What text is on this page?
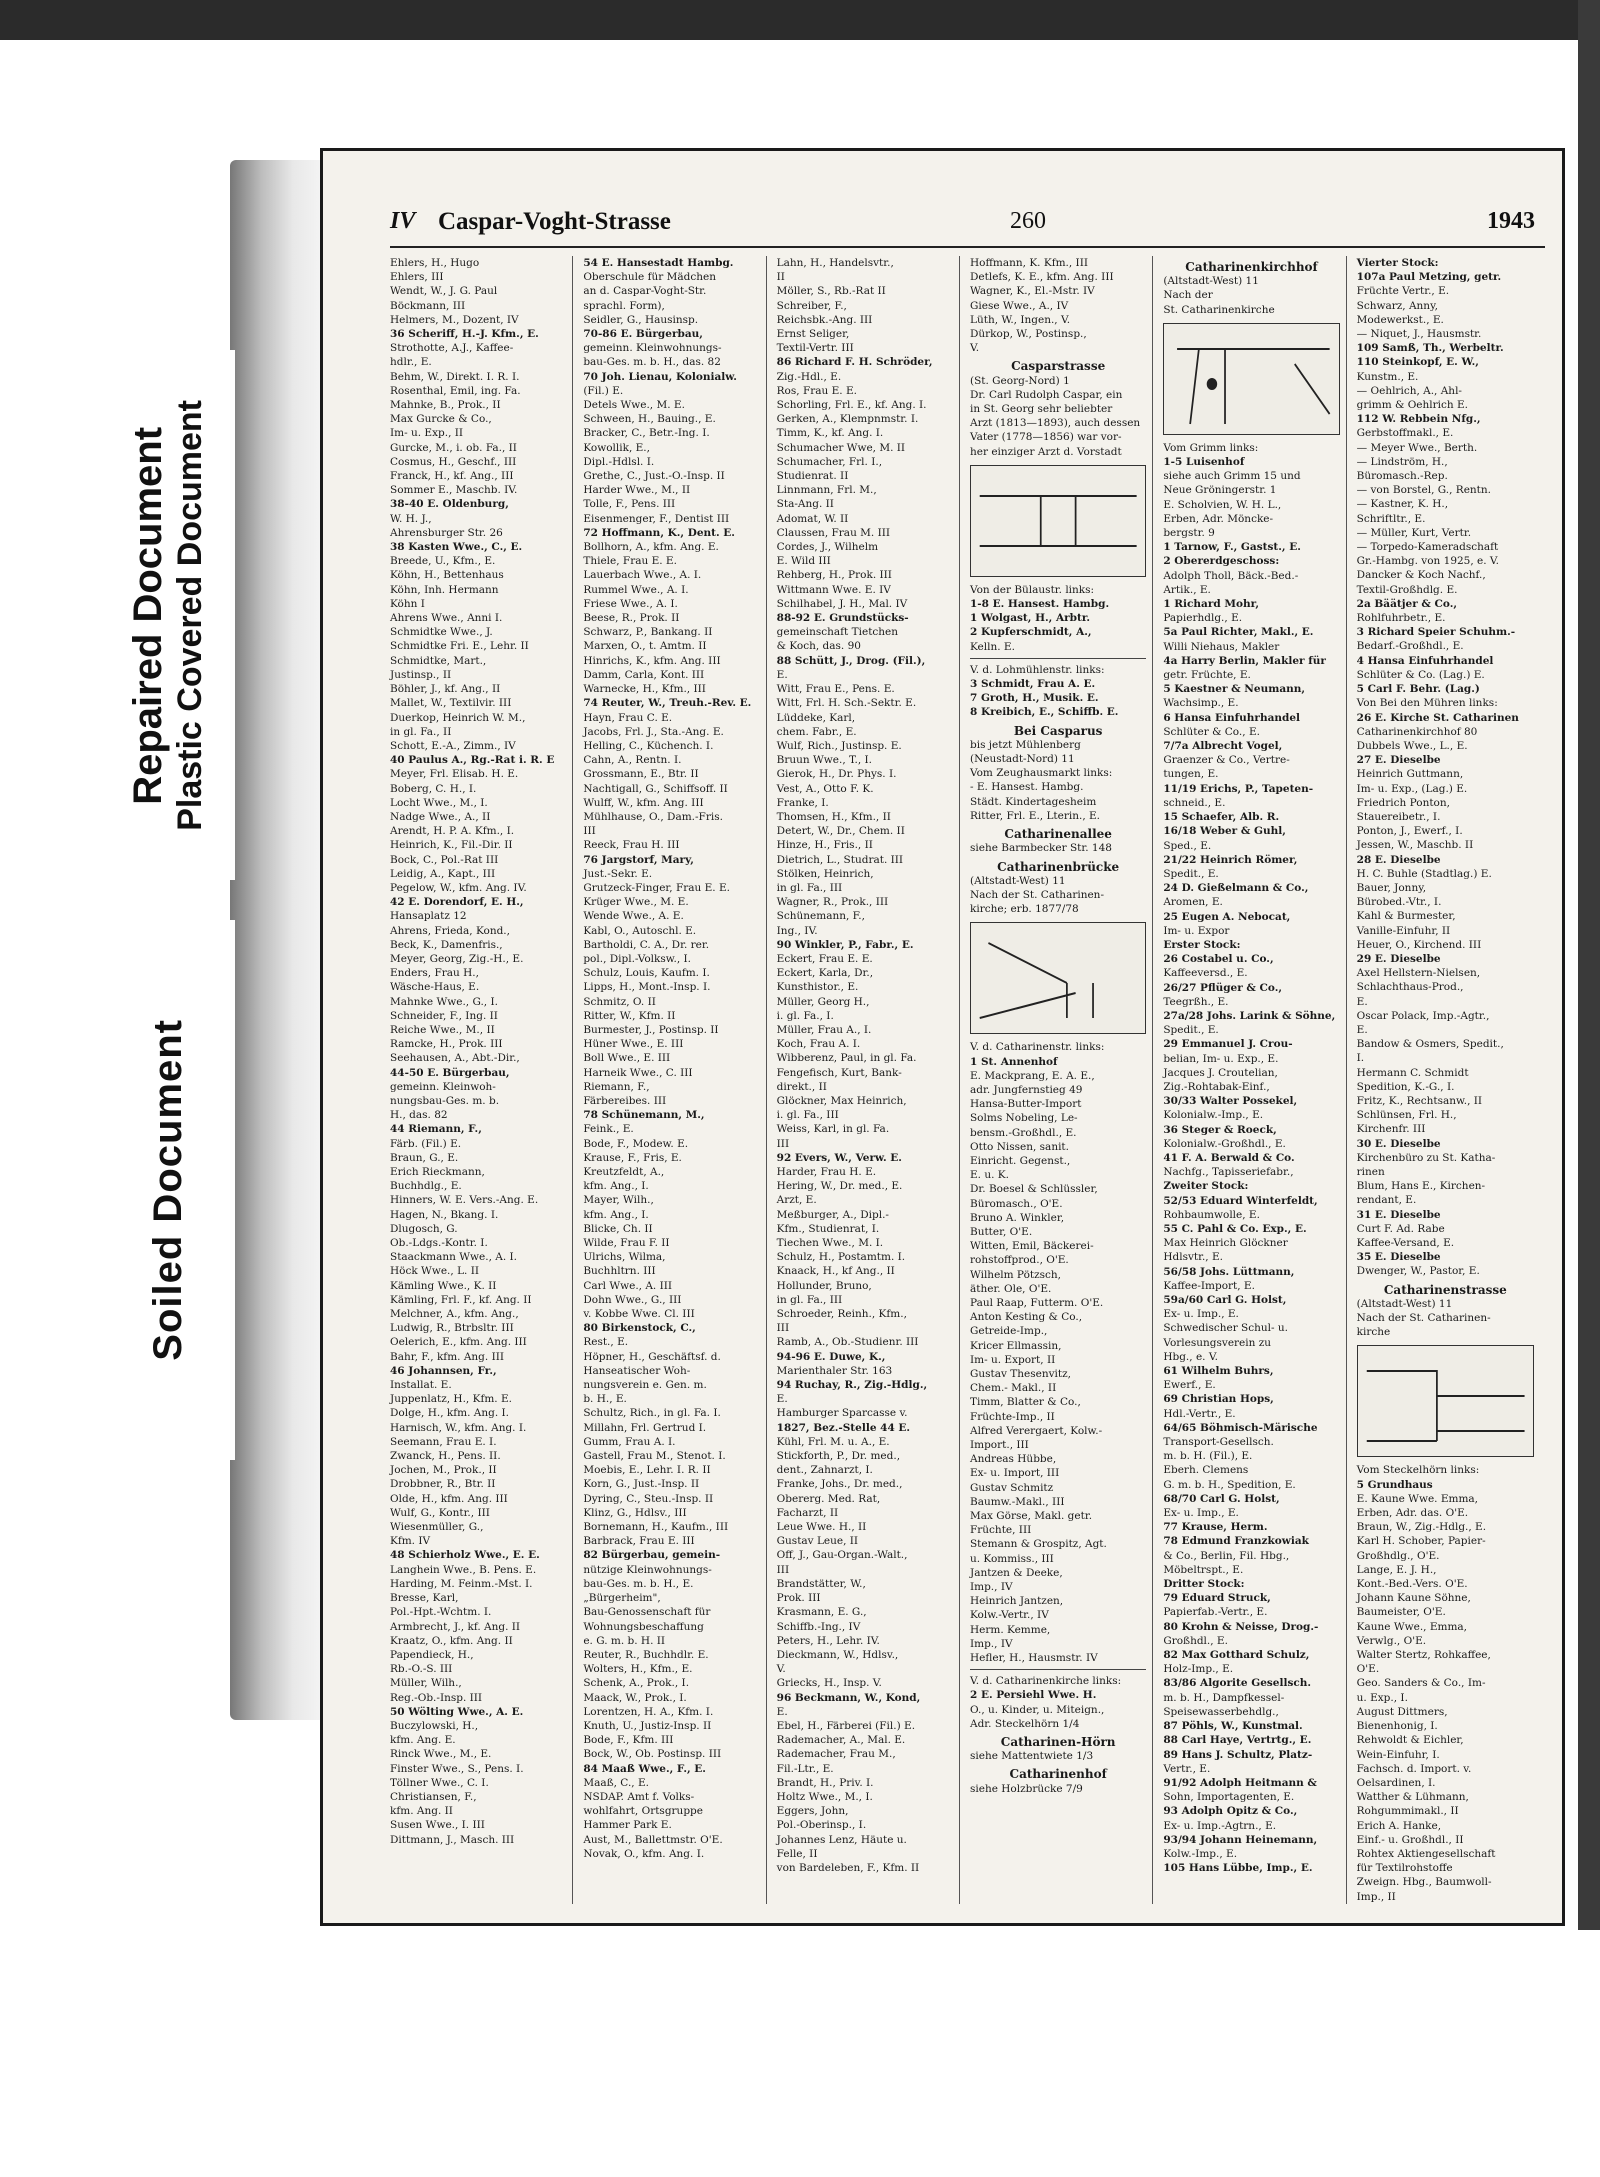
Repaired Document Plastic Covered Document
Soiled Document
IV Caspar-Voght-Strasse	260	1943
Ehlers, H., Hugo
Ehlers, III
Wendt, W., J. G. Paul
Böckmann, III
Helmers, M., Dozent, IV
36 Scheriff, H.-J. Kfm., E.
Strothotte, A.J., Kaffee-
hdlr., E.
Behm, W., Direkt. I. R. I.
Rosenthal, Emil, ing. Fa.
Mahnke, B., Prok., II
Max Gurcke & Co.,
Im- u. Exp., II
Gurcke, M., i. ob. Fa., II
Cosmus, H., Geschf., III
Franck, H., kf. Ang., III
Sommer E., Maschb. IV.
38-40 E. Oldenburg,
W. H. J.,
Ahrensburger Str. 26
38 Kasten Wwe., C., E.
Breede, U., Kfm., E.
Köhn, H., Bettenhaus
Köhn, Inh. Hermann
Köhn I
Ahrens Wwe., Anni I.
Schmidtke Wwe., J.
Schmidtke Fri. E., Lehr. II
Schmidtke, Mart.,
Justinsp., II
Böhler, J., kf. Ang., II
Mallet, W., Textilvir. III
Duerkop, Heinrich W. M.,
in gl. Fa., II
Schott, E.-A., Zimm., IV
40 Paulus A., Rg.-Rat i. R. E
Meyer, Frl. Elisab. H. E.
Boberg, C. H., I.
Locht Wwe., M., I.
Nadge Wwe., A., II
Arendt, H. P. A. Kfm., I.
Heinrich, K., Fil.-Dir. II
Bock, C., Pol.-Rat III
Leidig, A., Kapt., III
Pegelow, W., kfm. Ang. IV.
42 E. Dorendorf, E. H.,
Hansaplatz 12
Ahrens, Frieda, Kond.,
Beck, K., Damenfris.,
Meyer, Georg, Zig.-H., E.
Enders, Frau H.,
Wäsche-Haus, E.
Mahnke Wwe., G., I.
Schneider, F., Ing. II
Reiche Wwe., M., II
Ramcke, H., Prok. III
Seehausen, A., Abt.-Dir.,
44-50 E. Bürgerbau,
gemeinn. Kleinwoh-
nungsbau-Ges. m. b.
H., das. 82
44 Riemann, F.,
Färb. (Fil.) E.
Braun, G., E.
Erich Rieckmann,
Buchhdlg., E.
Hinners, W. E. Vers.-Ang. E.
Hagen, N., Bkang. I.
Dlugosch, G.
Ob.-Ldgs.-Kontr. I.
Staackmann Wwe., A. I.
Höck Wwe., L. II
Kämling Wwe., K. II
Kämling, Frl. F., kf. Ang. II
Melchner, A., kfm. Ang.,
Ludwig, R., Btrbsltr. III
Oelerich, E., kfm. Ang. III
Bahr, F., kfm. Ang. III
46 Johannsen, Fr.,
Installat. E.
Juppenlatz, H., Kfm. E.
Dolge, H., kfm. Ang. I.
Harnisch, W., kfm. Ang. I.
Seemann, Frau E. I.
Zwanck, H., Pens. II.
Jochen, M., Prok., II
Drobbner, R., Btr. II
Olde, H., kfm. Ang. III
Wulf, G., Kontr., III
Wiesenmüller, G.,
Kfm. IV
48 Schierholz Wwe., E. E.
Langhein Wwe., B. Pens. E.
Harding, M. Feinm.-Mst. I.
Bresse, Karl,
Pol.-Hpt.-Wchtm. I.
Armbrecht, J., kf. Ang. II
Kraatz, O., kfm. Ang. II
Papendieck, H.,
Rb.-O.-S. III
Müller, Wilh.,
Reg.-Ob.-Insp. III
50 Wölting Wwe., A. E.
Buczylowski, H.,
kfm. Ang. E.
Rinck Wwe., M., E.
Finster Wwe., S., Pens. I.
Töllner Wwe., C. I.
Christiansen, F.,
kfm. Ang. II
Susen Wwe., I. III
Dittmann, J., Masch. III
54 E. Hansestadt Hambg.
Oberschule für Mädchen
an d. Caspar-Voght-Str.
sprachl. Form),
Seidler, G., Hausinsp.
70-86 E. Bürgerbau,
gemeinn. Kleinwohnungs-
bau-Ges. m. b. H., das. 82
70 Joh. Lienau, Kolonialw.
(Fil.) E.
Detels Wwe., M. E.
Schween, H., Bauing., E.
Bracker, C., Betr.-Ing. I.
Kowollik, E.,
Dipl.-Hdlsl. I.
Grethe, C., Just.-O.-Insp. II
Harder Wwe., M., II
Tolle, F., Pens. III
Eisenmenger, F., Dentist III
72 Hoffmann, K., Dent. E.
Bollhorn, A., kfm. Ang. E.
Thiele, Frau E. E.
Lauerbach Wwe., A. I.
Rummel Wwe., A. I.
Friese Wwe., A. I.
Beese, R., Prok. II
Schwarz, P., Bankang. II
Marxen, O., t. Amtm. II
Hinrichs, K., kfm. Ang. III
Damm, Carla, Kont. III
Warnecke, H., Kfm., III
74 Reuter, W., Treuh.-Rev. E.
Hayn, Frau C. E.
Jacobs, Frl. J., Sta.-Ang. E.
Helling, C., Küchench. I.
Cahn, A., Rentn. I.
Grossmann, E., Btr. II
Nachtigall, G., Schiffsoff. II
Wulff, W., kfm. Ang. III
Mühlhause, O., Dam.-Fris.
III
Reeck, Frau H. III
76 Jargstorf, Mary,
Just.-Sekr. E.
Grutzeck-Finger, Frau E. E.
Krüger Wwe., M. E.
Wende Wwe., A. E.
Kabl, O., Autoschl. E.
Bartholdi, C. A., Dr. rer.
pol., Dipl.-Volksw., I.
Schulz, Louis, Kaufm. I.
Lipps, H., Mont.-Insp. I.
Schmitz, O. II
Ritter, W., Kfm. II
Burmester, J., Postinsp. II
Hüner Wwe., E. III
Boll Wwe., E. III
Harneik Wwe., C. III
Riemann, F.,
Färbereibes. III
78 Schünemann, M.,
Feink., E.
Bode, F., Modew. E.
Krause, F., Fris, E.
Kreutzfeldt, A.,
kfm. Ang., I.
Mayer, Wilh.,
kfm. Ang., I.
Blicke, Ch. II
Wilde, Frau F. II
Ulrichs, Wilma,
Buchhltrn. III
Carl Wwe., A. III
Dohn Wwe., G., III
v. Kobbe Wwe. Cl. III
80 Birkenstock, C.,
Rest., E.
Höpner, H., Geschäftsf. d.
Hanseatischer Woh-
nungsverein e. Gen. m.
b. H., E.
Schultz, Rich., in gl. Fa. I.
Millahn, Frl. Gertrud I.
Gumm, Frau A. I.
Gastell, Frau M., Stenot. I.
Moebis, E., Lehr. I. R. II
Korn, G., Just.-Insp. II
Dyring, C., Steu.-Insp. II
Klinz, G., Hdlsv., III
Bornemann, H., Kaufm., III
Barbrack, Frau E. III
82 Bürgerbau, gemein-
nützige Kleinwohnungs-
bau-Ges. m. b. H., E.
„Bürgerheim",
Bau-Genossenschaft für
Wohnungsbeschaffung
e. G. m. b. H. II
Reuter, R., Buchhdlr. E.
Wolters, H., Kfm., E.
Schenk, A., Prok., I.
Maack, W., Prok., I.
Lorentzen, H. A., Kfm. I.
Knuth, U., Justiz-Insp. II
Bode, F., Kfm. III
Bock, W., Ob. Postinsp. III
84 Maaß Wwe., F., E.
Maaß, C., E.
NSDAP. Amt f. Volks-
wohlfahrt, Ortsgruppe
Hammer Park E.
Aust, M., Ballettmstr. O'E.
Novak, O., kfm. Ang. I.
Lahn, H., Handelsvtr.,
II
Möller, S., Rb.-Rat II
Schreiber, F.,
Reichsbk.-Ang. III
Ernst Seliger,
Textil-Vertr. III
86 Richard F. H. Schröder,
Zig.-Hdl., E.
Ros, Frau E. E.
Schorling, Frl. E., kf. Ang. I.
Gerken, A., Klempnmstr. I.
Timm, K., kf. Ang. I.
Schumacher Wwe, M. II
Schumacher, Frl. I.,
Studienrat. II
Linnmann, Frl. M.,
Sta-Ang. II
Adomat, W. II
Claussen, Frau M. III
Cordes, J., Wilhelm
E. Wild III
Rehberg, H., Prok. III
Wittmann Wwe. E. IV
Schilhabel, J. H., Mal. IV
88-92 E. Grundstücks-
gemeinschaft Tietchen
& Koch, das. 90
88 Schütt, J., Drog. (Fil.),
E.
Witt, Frau E., Pens. E.
Witt, Frl. H. Sch.-Sektr. E.
Lüddeke, Karl,
chem. Fabr., E.
Wulf, Rich., Justinsp. E.
Bruun Wwe., T., I.
Gierok, H., Dr. Phys. I.
Vest, A., Otto F. K.
Franke, I.
Thomsen, H., Kfm., II
Detert, W., Dr., Chem. II
Hinze, H., Fris., II
Dietrich, L., Studrat. III
Stölken, Heinrich,
in gl. Fa., III
Wagner, R., Prok., III
Schünemann, F.,
Ing., IV.
90 Winkler, P., Fabr., E.
Eckert, Frau E. E.
Eckert, Karla, Dr.,
Kunsthistor., E.
Müller, Georg H.,
i. gl. Fa., I.
Müller, Frau A., I.
Koch, Frau A. I.
Wibberenz, Paul, in gl. Fa.
Fengefisch, Kurt, Bank-
direkt., II
Glöckner, Max Heinrich,
i. gl. Fa., III
Weiss, Karl, in gl. Fa.
III
92 Evers, W., Verw. E.
Harder, Frau H. E.
Hering, W., Dr. med., E.
Arzt, E.
Meßburger, A., Dipl.-
Kfm., Studienrat, I.
Tiechen Wwe., M. I.
Schulz, H., Postamtm. I.
Knaack, H., kf Ang., II
Hollunder, Bruno,
in gl. Fa., III
Schroeder, Reinh., Kfm.,
III
Ramb, A., Ob.-Studienr. III
94-96 E. Duwe, K.,
Marienthaler Str. 163
94 Ruchay, R., Zig.-Hdlg.,
E.
Hamburger Sparcasse v.
1827, Bez.-Stelle 44 E.
Kühl, Frl. M. u. A., E.
Stickforth, P., Dr. med.,
dent., Zahnarzt, I.
Franke, Johs., Dr. med.,
Obererg. Med. Rat,
Facharzt, II
Leue Wwe. H., II
Gustav Leue, II
Off, J., Gau-Organ.-Walt.,
III
Brandstätter, W.,
Prok. III
Krasmann, E. G.,
Schiffb.-Ing., IV
Peters, H., Lehr. IV.
Dieckmann, W., Hdlsv.,
V.
Griecks, H., Insp. V.
96 Beckmann, W., Kond,
E.
Ebel, H., Färberei (Fil.) E.
Rademacher, A., Mal. E.
Rademacher, Frau M.,
Fil.-Ltr., E.
Brandt, H., Priv. I.
Holtz Wwe., M., I.
Eggers, John,
Pol.-Oberinsp., I.
Johannes Lenz, Häute u.
Felle, II
von Bardeleben, F., Kfm. II
Hoffmann, K. Kfm., III
Detlefs, K. E., kfm. Ang. III
Wagner, K., El.-Mstr. IV
Giese Wwe., A., IV
Lüth, W., Ingen., V.
Dürkop, W., Postinsp.,
V.
Casparstrasse
(St. Georg-Nord) 1
Dr. Carl Rudolph Caspar, ein
in St. Georg sehr beliebter
Arzt (1813—1893), auch dessen
Vater (1778—1856) war vor-
her einziger Arzt d. Vorstadt
Von der Bülaustr. links:
1-8 E. Hansest. Hambg.
1 Wolgast, H., Arbtr.
2 Kupferschmidt, A.,
Kelln. E.
V. d. Lohmühlenstr. links:
3 Schmidt, Frau A. E.
7 Groth, H., Musik. E.
8 Kreibich, E., Schiffb. E.
Bei Casparus
bis jetzt Mühlenberg
(Neustadt-Nord) 11
Vom Zeughausmarkt links:
- E. Hansest. Hambg.
Städt. Kindertagesheim
Ritter, Frl. E., Lterin., E.
Catharinenallee
siehe Barmbecker Str. 148
Catharinenbrücke
(Altstadt-West) 11
Nach der St. Catharinen-
kirche; erb. 1877/78
V. d. Catharinenstr. links:
1 St. Annenhof
E. Mackprang, E. A. E.,
adr. Jungfernstieg 49
Hansa-Butter-Import
Solms Nobeling, Le-
bensm.-Großhdl., E.
Otto Nissen, sanit.
Einricht. Gegenst.,
E. u. K.
Dr. Boesel & Schlüssler,
Büromasch., O'E.
Bruno A. Winkler,
Butter, O'E.
Witten, Emil, Bäckerei-
rohstoffprod., O'E.
Wilhelm Pötzsch,
äther. Ole, O'E.
Paul Raap, Futterm. O'E.
Anton Kesting & Co.,
Getreide-Imp.,
Kricer Ellmassin,
Im- u. Export, II
Gustav Thesenvitz,
Chem.- Makl., II
Timm, Blatter & Co.,
Früchte-Imp., II
Alfred Verergaert, Kolw.-
Import., III
Andreas Hübbe,
Ex- u. Import, III
Gustav Schmitz
Baumw.-Makl., III
Max Görse, Makl. getr.
Früchte, III
Stemann & Grospitz, Agt.
u. Kommiss., III
Jantzen & Deeke,
Imp., IV
Heinrich Jantzen,
Kolw.-Vertr., IV
Herm. Kemme,
Imp., IV
Hefler, H., Hausmstr. IV
V. d. Catharinenkirche links:
2 E. Persiehl Wwe. H.
O., u. Kinder, u. Miteign.,
Adr. Steckelhörn 1/4
Catharinen-Hörn
siehe Mattentwiete 1/3
Catharinenhof
siehe Holzbrücke 7/9
Catharinenkirchhof
(Altstadt-West) 11
Nach der
St. Catharinenkirche
Vom Grimm links:
1-5 Luisenhof
siehe auch Grimm 15 und
Neue Gröningerstr. 1
E. Scholvien, W. H. L.,
Erben, Adr. Möncke-
bergstr. 9
1 Tarnow, F., Gastst., E.
2 Obererdgeschoss:
Adolph Tholl, Bäck.-Bed.-
Artik., E.
1 Richard Mohr,
Papierhdlg., E.
5a Paul Richter, Makl., E.
Willi Niehaus, Makler
4a Harry Berlin, Makler für
getr. Früchte, E.
5 Kaestner & Neumann,
Wachsimp., E.
6 Hansa Einfuhrhandel
Schlüter & Co., E.
7/7a Albrecht Vogel,
Graenzer & Co., Vertre-
tungen, E.
11/19 Erichs, P., Tapeten-
schneid., E.
15 Schaefer, Alb. R.
16/18 Weber & Guhl,
Sped., E.
21/22 Heinrich Römer,
Spedit., E.
24 D. Gießelmann & Co.,
Aromen, E.
25 Eugen A. Nebocat,
Im- u. Expor
Erster Stock:
26 Costabel u. Co.,
Kaffeeversd., E.
26/27 Pflüger & Co.,
Teegrßh., E.
27a/28 Johs. Larink & Söhne,
Spedit., E.
29 Emmanuel J. Crou-
belian, Im- u. Exp., E.
Jacques J. Croutelian,
Zig.-Rohtabak-Einf.,
30/33 Walter Possekel,
Kolonialw.-Imp., E.
36 Steger & Roeck,
Kolonialw.-Großhdl., E.
41 F. A. Berwald & Co.
Nachfg., Tapisseriefabr.,
Zweiter Stock:
52/53 Eduard Winterfeldt,
Rohbaumwolle, E.
55 C. Pahl & Co. Exp., E.
Max Heinrich Glöckner
Hdlsvtr., E.
56/58 Johs. Lüttmann,
Kaffee-Import, E.
59a/60 Carl G. Holst,
Ex- u. Imp., E.
Schwedischer Schul- u.
Vorlesungsverein zu
Hbg., e. V.
61 Wilhelm Buhrs,
Ewerf., E.
69 Christian Hops,
Hdl.-Vertr., E.
64/65 Böhmisch-Märische
Transport-Gesellsch.
m. b. H. (Fil.), E.
Eberh. Clemens
G. m. b. H., Spedition, E.
68/70 Carl G. Holst,
Ex- u. Imp., E.
77 Krause, Herm.
78 Edmund Franzkowiak
& Co., Berlin, Fil. Hbg.,
Möbeltrspt., E.
Dritter Stock:
79 Eduard Struck,
Papierfab.-Vertr., E.
80 Krohn & Neisse, Drog.-
Großhdl., E.
82 Max Gotthard Schulz,
Holz-Imp., E.
83/86 Algorite Gesellsch.
m. b. H., Dampfkessel-
Speisewasserbehdlg.,
87 Pöhls, W., Kunstmal.
88 Carl Haye, Vertrtg., E.
89 Hans J. Schultz, Platz-
Vertr., E.
91/92 Adolph Heitmann &
Sohn, Importagenten, E.
93 Adolph Opitz & Co.,
Ex- u. Imp.-Agtrn., E.
93/94 Johann Heinemann,
Kolw.-Imp., E.
105 Hans Lübbe, Imp., E.
Vierter Stock:
107a Paul Metzing, getr.
Früchte Vertr., E.
Schwarz, Anny,
Modewerkst., E.
— Niquet, J., Hausmstr.
109 Samß, Th., Werbeltr.
110 Steinkopf, E. W.,
Kunstm., E.
— Oehlrich, A., Ahl-
grimm & Oehlrich E.
112 W. Rebbein Nfg.,
Gerbstoffmakl., E.
— Meyer Wwe., Berth.
— Lindström, H.,
Büromasch.-Rep.
— von Borstel, G., Rentn.
— Kastner, K. H.,
Schriftltr., E.
— Müller, Kurt, Vertr.
— Torpedo-Kameradschaft
Gr.-Hambg. von 1925, e. V.
Dancker & Koch Nachf.,
Textil-Großhdlg. E.
2a Bäätjer & Co.,
Rohlfuhrbetr., E.
3 Richard Speier Schuhm.-
Bedarf.-Großhdl., E.
4 Hansa Einfuhrhandel
Schlüter & Co. (Lag.) E.
5 Carl F. Behr. (Lag.)
Von Bei den Mühren links:
26 E. Kirche St. Catharinen
Catharinenkirchhof 80
Dubbels Wwe., L., E.
27 E. Dieselbe
Heinrich Guttmann,
Im- u. Exp., (Lag.) E.
Friedrich Ponton,
Stauereibetr., I.
Ponton, J., Ewerf., I.
Jessen, W., Maschb. II
28 E. Dieselbe
H. C. Buhle (Stadtlag.) E.
Bauer, Jonny,
Bürobed.-Vtr., I.
Kahl & Burmester,
Vanille-Einfuhr, II
Heuer, O., Kirchend. III
29 E. Dieselbe
Axel Hellstern-Nielsen,
Schlachthaus-Prod.,
E.
Oscar Polack, Imp.-Agtr.,
E.
Bandow & Osmers, Spedit.,
I.
Hermann C. Schmidt
Spedition, K.-G., I.
Fritz, K., Rechtsanw., II
Schlünsen, Frl. H.,
Kirchenfr. III
30 E. Dieselbe
Kirchenbüro zu St. Katha-
rinen
Blum, Hans E., Kirchen-
rendant, E.
31 E. Dieselbe
Curt F. Ad. Rabe
Kaffee-Versand, E.
35 E. Dieselbe
Dwenger, W., Pastor, E.
Catharinenstrasse
(Altstadt-West) 11
Nach der St. Catharinen-
kirche
Vom Steckelhörn links:
5 Grundhaus
E. Kaune Wwe. Emma,
Erben, Adr. das. O'E.
Braun, W., Zig.-Hdlg., E.
Karl H. Schober, Papier-
Großhdlg., O'E.
Lange, E. J. H.,
Kont.-Bed.-Vers. O'E.
Johann Kaune Söhne,
Baumeister, O'E.
Kaune Wwe., Emma,
Verwlg., O'E.
Walter Stertz, Rohkaffee,
O'E.
Geo. Sanders & Co., Im-
u. Exp., I.
August Dittmers,
Bienenhonig, I.
Rehwoldt & Eichler,
Wein-Einfuhr, I.
Fachsch. d. Import. v.
Oelsardinen, I.
Watther & Lühmann,
Rohgummimakl., II
Erich A. Hanke,
Einf.- u. Großhdl., II
Rohtex Aktiengesellschaft
für Textilrohstoffe
Zweign. Hbg., Baumwoll-
Imp., II
